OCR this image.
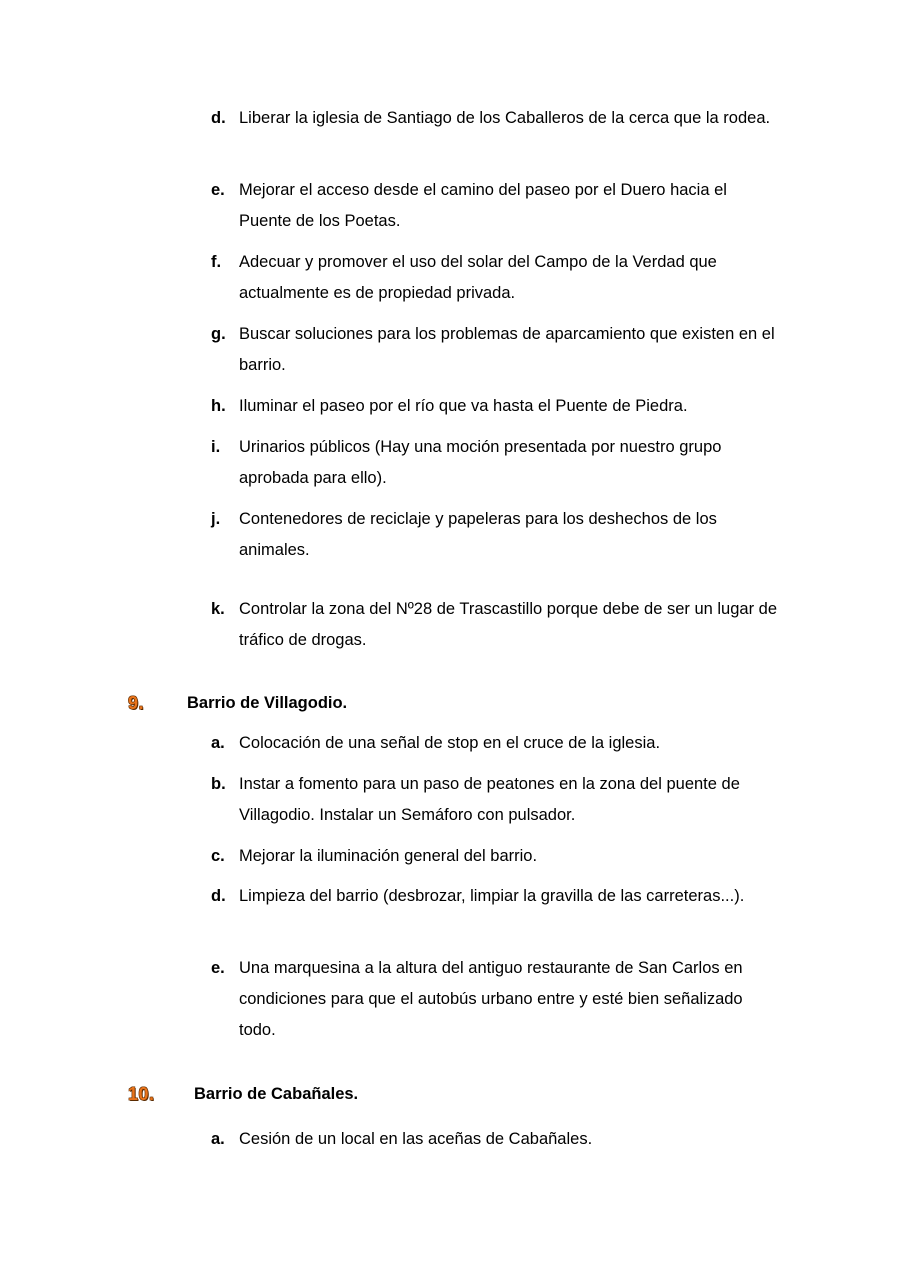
d. Liberar la iglesia de Santiago de los Caballeros de la cerca que la rodea.
e. Mejorar el acceso desde el camino del paseo por el Duero hacia el Puente de los Poetas.
f. Adecuar y promover el uso del solar del Campo de la Verdad que actualmente es de propiedad privada.
g. Buscar soluciones para los problemas de aparcamiento que existen en el barrio.
h. Iluminar el paseo por el río que va hasta el Puente de Piedra.
i. Urinarios públicos (Hay una moción presentada por nuestro grupo aprobada para ello).
j. Contenedores de reciclaje y papeleras para los deshechos de los animales.
k. Controlar la zona del Nº28 de Trascastillo porque debe de ser un lugar de tráfico de drogas.
9.	Barrio de Villagodio.
a. Colocación de una señal de stop en el cruce de la iglesia.
b. Instar a fomento para un paso de peatones en la zona del puente de Villagodio. Instalar un Semáforo con pulsador.
c. Mejorar la iluminación general del barrio.
d. Limpieza del barrio (desbrozar, limpiar la gravilla de las carreteras...).
e. Una marquesina a la altura del antiguo restaurante de San Carlos en condiciones para que el autobús urbano entre y esté bien señalizado todo.
10. Barrio de Cabañales.
a. Cesión de un local en las aceñas de Cabañales.
